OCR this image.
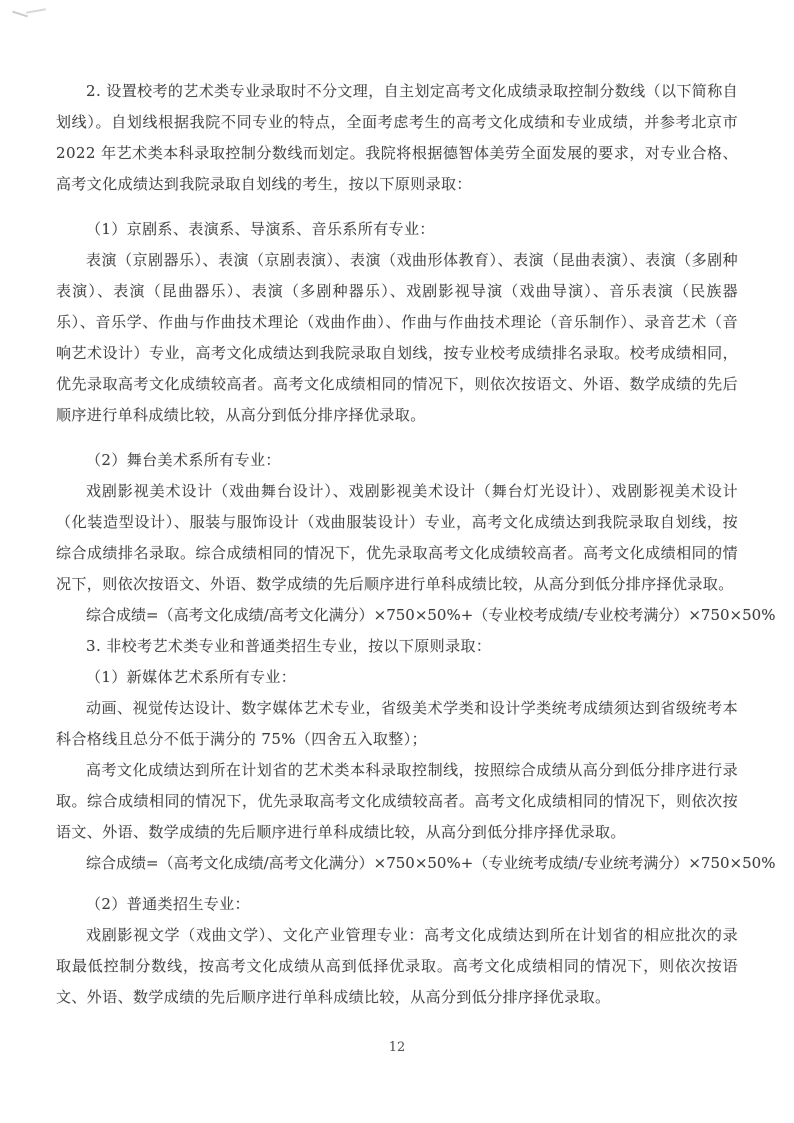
2. 设置校考的艺术类专业录取时不分文理，自主划定高考文化成绩录取控制分数线（以下简称自划线）。自划线根据我院不同专业的特点，全面考虑考生的高考文化成绩和专业成绩，并参考北京市 2022 年艺术类本科录取控制分数线而划定。我院将根据德智体美劳全面发展的要求，对专业合格、高考文化成绩达到我院录取自划线的考生，按以下原则录取：

（1）京剧系、表演系、导演系、音乐系所有专业：

表演（京剧器乐）、表演（京剧表演）、表演（戏曲形体教育）、表演（昆曲表演）、表演（多剧种表演）、表演（昆曲器乐）、表演（多剧种器乐）、戏剧影视导演（戏曲导演）、音乐表演（民族器乐）、音乐学、作曲与作曲技术理论（戏曲作曲）、作曲与作曲技术理论（音乐制作）、录音艺术（音响艺术设计）专业，高考文化成绩达到我院录取自划线，按专业校考成绩排名录取。校考成绩相同，优先录取高考文化成绩较高者。高考文化成绩相同的情况下，则依次按语文、外语、数学成绩的先后顺序进行单科成绩比较，从高分到低分排序择优录取。

（2）舞台美术系所有专业：

戏剧影视美术设计（戏曲舞台设计）、戏剧影视美术设计（舞台灯光设计）、戏剧影视美术设计（化装造型设计）、服装与服饰设计（戏曲服装设计）专业，高考文化成绩达到我院录取自划线，按综合成绩排名录取。综合成绩相同的情况下，优先录取高考文化成绩较高者。高考文化成绩相同的情况下，则依次按语文、外语、数学成绩的先后顺序进行单科成绩比较，从高分到低分排序择优录取。

综合成绩=（高考文化成绩/高考文化满分）×750×50%+（专业校考成绩/专业校考满分）×750×50%

3. 非校考艺术类专业和普通类招生专业，按以下原则录取：

（1）新媒体艺术系所有专业：

动画、视觉传达设计、数字媒体艺术专业，省级美术学类和设计学类统考成绩须达到省级统考本科合格线且总分不低于满分的 75%（四舍五入取整）；

高考文化成绩达到所在计划省的艺术类本科录取控制线，按照综合成绩从高分到低分排序进行录取。综合成绩相同的情况下，优先录取高考文化成绩较高者。高考文化成绩相同的情况下，则依次按语文、外语、数学成绩的先后顺序进行单科成绩比较，从高分到低分排序择优录取。

综合成绩=（高考文化成绩/高考文化满分）×750×50%+（专业统考成绩/专业统考满分）×750×50%

（2）普通类招生专业：

戏剧影视文学（戏曲文学）、文化产业管理专业：高考文化成绩达到所在计划省的相应批次的录取最低控制分数线，按高考文化成绩从高到低择优录取。高考文化成绩相同的情况下，则依次按语文、外语、数学成绩的先后顺序进行单科成绩比较，从高分到低分排序择优录取。

12
